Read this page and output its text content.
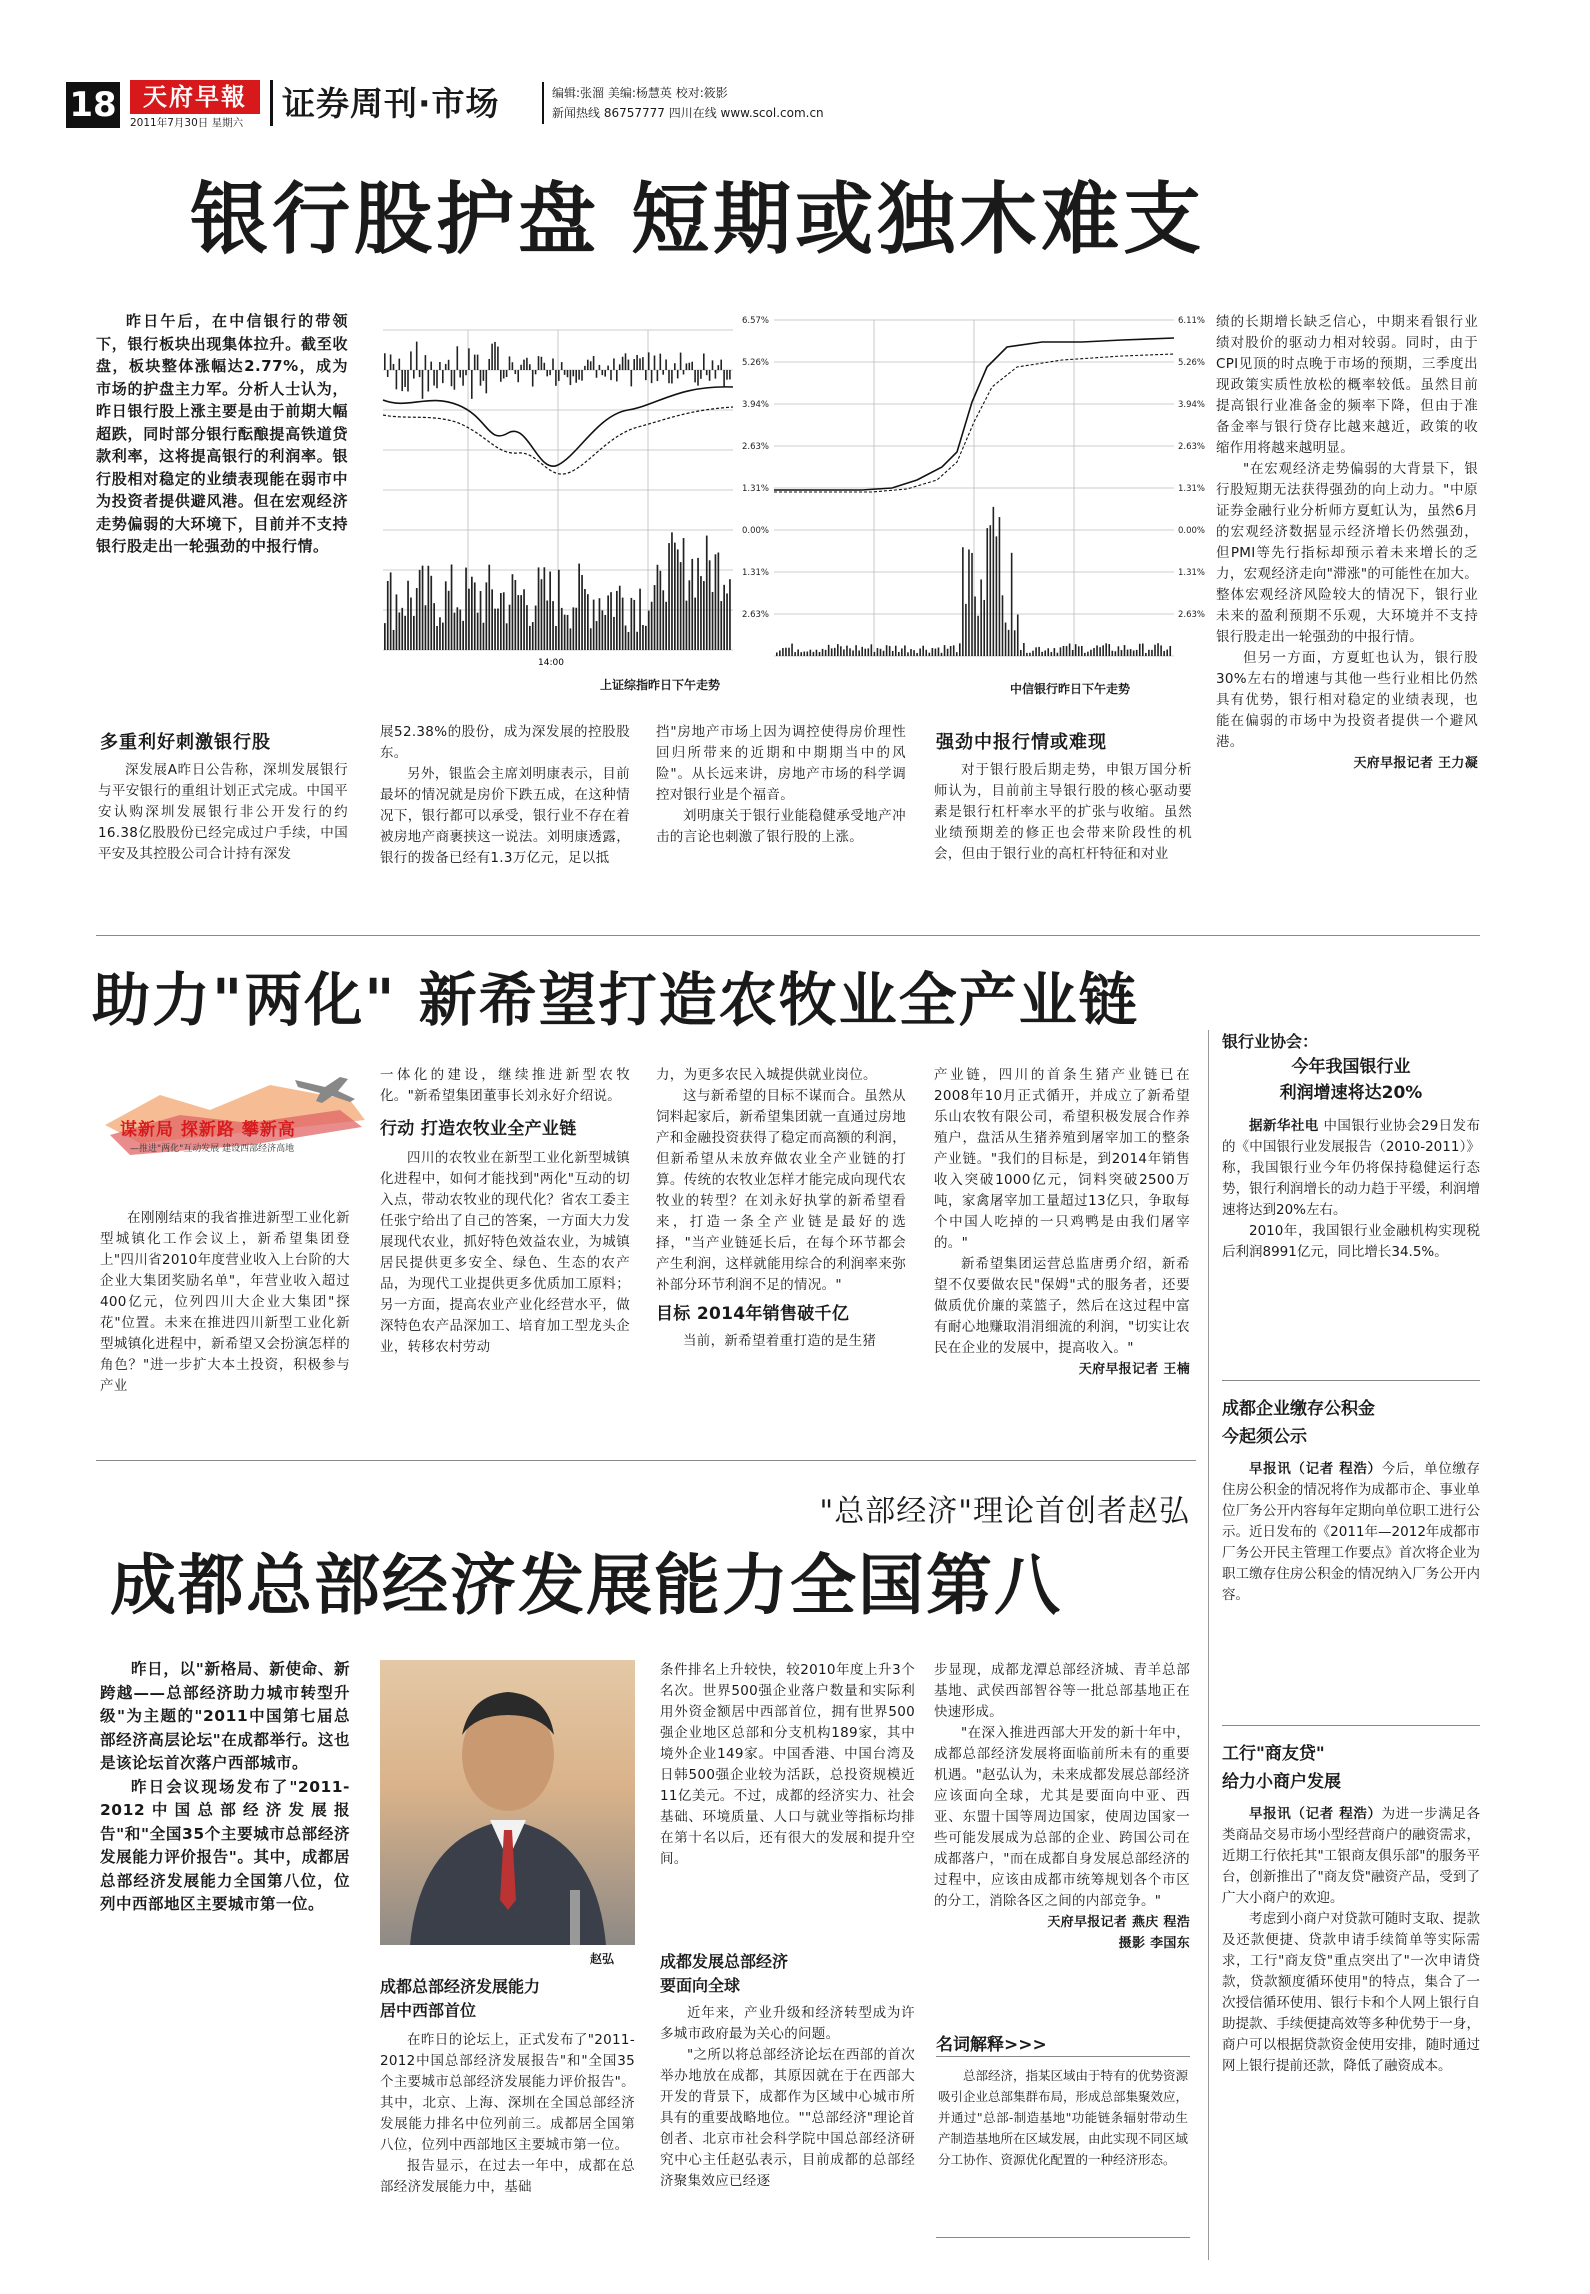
18	天府早報
2011年7月30日 星期六	证券周刊·市场	编辑:张溜 美编:杨慧英 校对:筱影
新闻热线 86757777 四川在线 www.scol.com.cn
银行股护盘 短期或独木难支

昨日午后，在中信银行的带领下，银行板块出现集体拉升。截至收盘，板块整体涨幅达2.77%，成为市场的护盘主力军。分析人士认为，昨日银行股上涨主要是由于前期大幅超跌，同时部分银行酝酿提高铁道贷款利率，这将提高银行的利润率。银行股相对稳定的业绩表现能在弱市中为投资者提供避风港。但在宏观经济走势偏弱的大环境下，目前并不支持银行股走出一轮强劲的中报行情。

14:00
上证综指昨日下午走势
6.57%
5.26%
3.94%
2.63%
1.31%
0.00%
1.31%
2.63%
6.11%
5.26%
3.94%
2.63%
1.31%
0.00%
1.31%
2.63%
中信银行昨日下午走势
多重利好刺激银行股

深发展A昨日公告称，深圳发展银行与平安银行的重组计划正式完成。中国平安认购深圳发展银行非公开发行的约16.38亿股股份已经完成过户手续，中国平安及其控股公司合计持有深发

展52.38%的股份，成为深发展的控股股东。

另外，银监会主席刘明康表示，目前最坏的情况就是房价下跌五成，在这种情况下，银行都可以承受，银行业不存在着被房地产商裹挟这一说法。刘明康透露，银行的拨备已经有1.3万亿元，足以抵

挡"房地产市场上因为调控使得房价理性回归所带来的近期和中期期当中的风险"。从长远来讲，房地产市场的科学调控对银行业是个福音。

刘明康关于银行业能稳健承受地产冲击的言论也刺激了银行股的上涨。

强劲中报行情或难现

对于银行股后期走势，申银万国分析师认为，目前前主导银行股的核心驱动要素是银行杠杆率水平的扩张与收缩。虽然业绩预期差的修正也会带来阶段性的机会，但由于银行业的高杠杆特征和对业

绩的长期增长缺乏信心，中期来看银行业绩对股价的驱动力相对较弱。同时，由于CPI见顶的时点晚于市场的预期，三季度出现政策实质性放松的概率较低。虽然目前提高银行业准备金的频率下降，但由于准备金率与银行贷存比越来越近，政策的收缩作用将越来越明显。

"在宏观经济走势偏弱的大背景下，银行股短期无法获得强劲的向上动力。"中原证券金融行业分析师方夏虹认为，虽然6月的宏观经济数据显示经济增长仍然强劲，但PMI等先行指标却预示着未来增长的乏力，宏观经济走向"滞涨"的可能性在加大。整体宏观经济风险较大的情况下，银行业未来的盈利预期不乐观，大环境并不支持银行股走出一轮强劲的中报行情。

但另一方面，方夏虹也认为，银行股30%左右的增速与其他一些行业相比仍然具有优势，银行相对稳定的业绩表现，也能在偏弱的市场中为投资者提供一个避风港。

天府早报记者 王力凝

助力"两化" 新希望打造农牧业全产业链
谋新局 探新路 攀新高
—推进"两化"互动发展 建设西部经济高地

在刚刚结束的我省推进新型工业化新型城镇化工作会议上，新希望集团登上"四川省2010年度营业收入上台阶的大企业大集团奖励名单"，年营业收入超过400亿元，位列四川大企业大集团"探花"位置。未来在推进四川新型工业化新型城镇化进程中，新希望又会扮演怎样的角色？"进一步扩大本土投资，积极参与产业

一体化的建设，继续推进新型农牧化。"新希望集团董事长刘永好介绍说。

行动 打造农牧业全产业链

四川的农牧业在新型工业化新型城镇化进程中，如何才能找到"两化"互动的切入点，带动农牧业的现代化？省农工委主任张宁给出了自己的答案，一方面大力发展现代农业，抓好特色效益农业，为城镇居民提供更多安全、绿色、生态的农产品，为现代工业提供更多优质加工原料；另一方面，提高农业产业化经营水平，做深特色农产品深加工、培育加工型龙头企业，转移农村劳动

力，为更多农民入城提供就业岗位。

这与新希望的目标不谋而合。虽然从饲料起家后，新希望集团就一直通过房地产和金融投资获得了稳定而高额的利润，但新希望从未放弃做农业全产业链的打算。传统的农牧业怎样才能完成向现代农牧业的转型？在刘永好执掌的新希望看来，打造一条全产业链是最好的选择，"当产业链延长后，在每个环节都会产生利润，这样就能用综合的利润率来弥补部分环节利润不足的情况。"

目标 2014年销售破千亿

当前，新希望着重打造的是生猪

产业链，四川的首条生猪产业链已在2008年10月正式循开，并成立了新希望乐山农牧有限公司，希望积极发展合作养殖户，盘活从生猪养殖到屠宰加工的整条产业链。"我们的目标是，到2014年销售收入突破1000亿元，饲料突破2500万吨，家禽屠宰加工量超过13亿只，争取每个中国人吃掉的一只鸡鸭是由我们屠宰的。"

新希望集团运营总监唐勇介绍，新希望不仅要做农民"保姆"式的服务者，还要做质优价廉的菜篮子，然后在这过程中富有耐心地赚取涓涓细流的利润，"切实让农民在企业的发展中，提高收入。"

天府早报记者 王楠

"总部经济"理论首创者赵弘
成都总部经济发展能力全国第八

昨日，以"新格局、新使命、新跨越——总部经济助力城市转型升级"为主题的"2011中国第七届总部经济高层论坛"在成都举行。这也是该论坛首次落户西部城市。

昨日会议现场发布了"2011-2012中国总部经济发展报告"和"全国35个主要城市总部经济发展能力评价报告"。其中，成都居总部经济发展能力全国第八位，位列中西部地区主要城市第一位。

赵弘
成都总部经济发展能力
居中西部首位

在昨日的论坛上，正式发布了"2011-2012中国总部经济发展报告"和"全国35个主要城市总部经济发展能力评价报告"。其中，北京、上海、深圳在全国总部经济发展能力排名中位列前三。成都居全国第八位，位列中西部地区主要城市第一位。

报告显示，在过去一年中，成都在总部经济发展能力中，基础

条件排名上升较快，较2010年度上升3个名次。世界500强企业落户数量和实际利用外资金额居中西部首位，拥有世界500强企业地区总部和分支机构189家，其中境外企业149家。中国香港、中国台湾及日韩500强企业较为活跃，总投资规模近11亿美元。不过，成都的经济实力、社会基础、环境质量、人口与就业等指标均排在第十名以后，还有很大的发展和提升空间。

成都发展总部经济
要面向全球

近年来，产业升级和经济转型成为许多城市政府最为关心的问题。

"之所以将总部经济论坛在西部的首次举办地放在成都，其原因就在于在西部大开发的背景下，成都作为区域中心城市所具有的重要战略地位。""总部经济"理论首创者、北京市社会科学院中国总部经济研究中心主任赵弘表示，目前成都的总部经济聚集效应已经逐

步显现，成都龙潭总部经济城、青羊总部基地、武侯西部智谷等一批总部基地正在快速形成。

"在深入推进西部大开发的新十年中，成都总部经济发展将面临前所未有的重要机遇。"赵弘认为，未来成都发展总部经济应该面向全球，尤其是要面向中亚、西亚、东盟十国等周边国家，使周边国家一些可能发展成为总部的企业、跨国公司在成都落户，"而在成都自身发展总部经济的过程中，应该由成都市统筹规划各个市区的分工，消除各区之间的内部竞争。"

天府早报记者 燕庆 程浩

摄影 李国东

名词解释>>>

总部经济，指某区域由于特有的优势资源吸引企业总部集群布局，形成总部集聚效应，并通过"总部-制造基地"功能链条辐射带动生产制造基地所在区域发展，由此实现不同区域分工协作、资源优化配置的一种经济形态。

银行业协会：
今年我国银行业
利润增速将达20%

据新华社电 中国银行业协会29日发布的《中国银行业发展报告（2010-2011）》称，我国银行业今年仍将保持稳健运行态势，银行利润增长的动力趋于平缓，利润增速将达到20%左右。

2010年，我国银行业金融机构实现税后利润8991亿元，同比增长34.5%。

成都企业缴存公积金
今起须公示

早报讯（记者 程浩）今后，单位缴存住房公积金的情况将作为成都市企、事业单位厂务公开内容每年定期向单位职工进行公示。近日发布的《2011年—2012年成都市厂务公开民主管理工作要点》首次将企业为职工缴存住房公积金的情况纳入厂务公开内容。

工行"商友贷"
给力小商户发展

早报讯（记者 程浩）为进一步满足各类商品交易市场小型经营商户的融资需求，近期工行依托其"工银商友俱乐部"的服务平台，创新推出了"商友贷"融资产品，受到了广大小商户的欢迎。

考虑到小商户对贷款可随时支取、提款及还款便捷、贷款申请手续简单等实际需求，工行"商友贷"重点突出了"一次申请贷款，贷款额度循环使用"的特点，集合了一次授信循环使用、银行卡和个人网上银行自助提款、手续便捷高效等多种优势于一身，商户可以根据贷款资金使用安排，随时通过网上银行提前还款，降低了融资成本。
